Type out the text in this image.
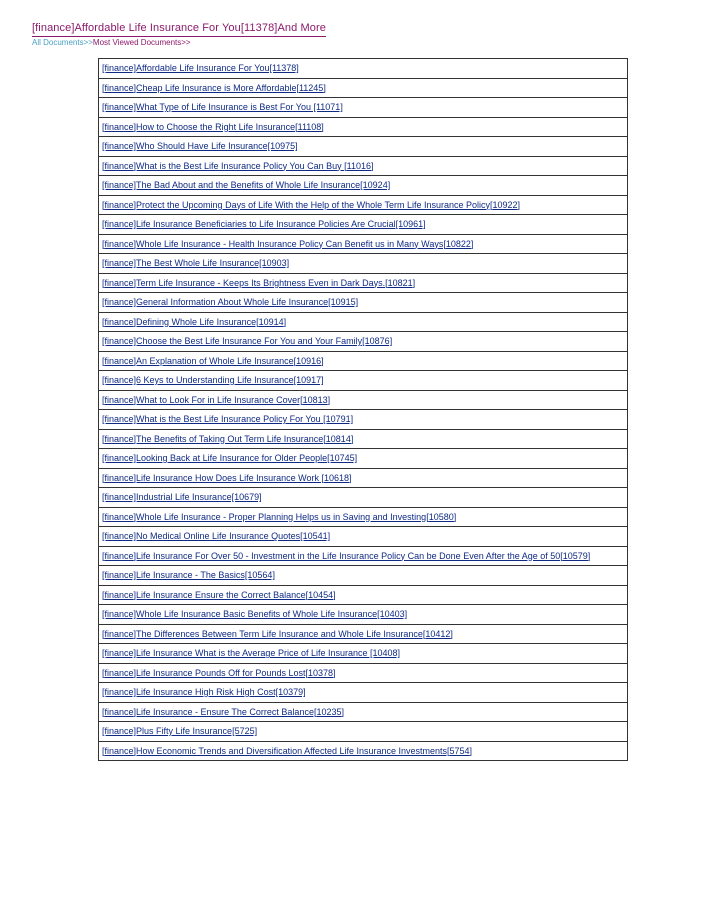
[finance]Affordable Life Insurance For You[11378]And More
All Documents>>Most Viewed Documents>>
[finance]Affordable Life Insurance For You[11378]
[finance]Cheap Life Insurance is More Affordable[11245]
[finance]What Type of Life Insurance is Best For You [11071]
[finance]How to Choose the Right Life Insurance[11108]
[finance]Who Should Have Life Insurance[10975]
[finance]What is the Best Life Insurance Policy You Can Buy [11016]
[finance]The Bad About and the Benefits of Whole Life Insurance[10924]
[finance]Protect the Upcoming Days of Life With the Help of the Whole Term Life Insurance Policy[10922]
[finance]Life Insurance Beneficiaries to Life Insurance Policies Are Crucial[10961]
[finance]Whole Life Insurance - Health Insurance Policy Can Benefit us in Many Ways[10822]
[finance]The Best Whole Life Insurance[10903]
[finance]Term Life Insurance - Keeps Its Brightness Even in Dark Days.[10821]
[finance]General Information About Whole Life Insurance[10915]
[finance]Defining Whole Life Insurance[10914]
[finance]Choose the Best Life Insurance For You and Your Family[10876]
[finance]An Explanation of Whole Life Insurance[10916]
[finance]6 Keys to Understanding Life Insurance[10917]
[finance]What to Look For in Life Insurance Cover[10813]
[finance]What is the Best Life Insurance Policy For You [10791]
[finance]The Benefits of Taking Out Term Life Insurance[10814]
[finance]Looking Back at Life Insurance for Older People[10745]
[finance]Life Insurance How Does Life Insurance Work [10618]
[finance]Industrial Life Insurance[10679]
[finance]Whole Life Insurance - Proper Planning Helps us in Saving and Investing[10580]
[finance]No Medical Online Life Insurance Quotes[10541]
[finance]Life Insurance For Over 50 - Investment in the Life Insurance Policy Can be Done Even After the Age of 50[10579]
[finance]Life Insurance - The Basics[10564]
[finance]Life Insurance Ensure the Correct Balance[10454]
[finance]Whole Life Insurance Basic Benefits of Whole Life Insurance[10403]
[finance]The Differences Between Term Life Insurance and Whole Life Insurance[10412]
[finance]Life Insurance What is the Average Price of Life Insurance [10408]
[finance]Life Insurance Pounds Off for Pounds Lost[10378]
[finance]Life Insurance High Risk High Cost[10379]
[finance]Life Insurance - Ensure The Correct Balance[10235]
[finance]Plus Fifty Life Insurance[5725]
[finance]How Economic Trends and Diversification Affected Life Insurance Investments[5754]
